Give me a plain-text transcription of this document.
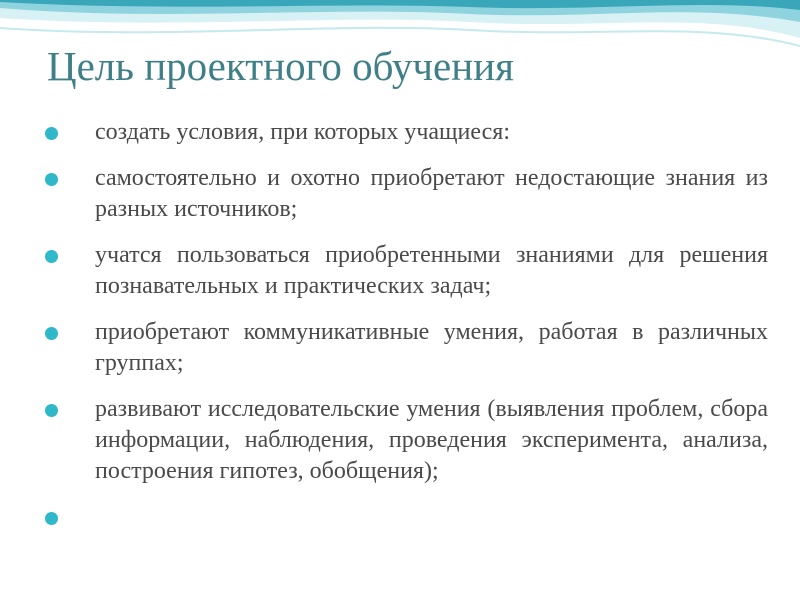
Цель проектного обучения
создать условия, при которых учащиеся:
самостоятельно и охотно приобретают недостающие знания из разных источников;
учатся пользоваться приобретенными знаниями для решения познавательных и практических задач;
приобретают коммуникативные умения, работая в различных группах;
развивают исследовательские умения (выявления проблем, сбора информации, наблюдения, проведения эксперимента, анализа, построения гипотез, обобщения);
